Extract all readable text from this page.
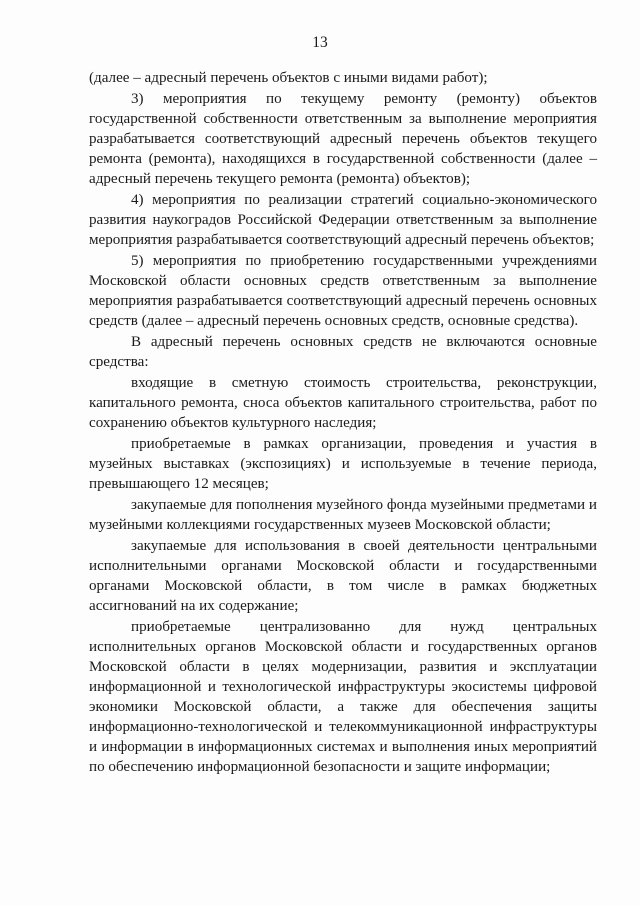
13

(далее – адресный перечень объектов с иными видами работ);

3) мероприятия по текущему ремонту (ремонту) объектов государственной собственности ответственным за выполнение мероприятия разрабатывается соответствующий адресный перечень объектов текущего ремонта (ремонта), находящихся в государственной собственности (далее – адресный перечень текущего ремонта (ремонта) объектов);

4) мероприятия по реализации стратегий социально-экономического развития наукоградов Российской Федерации ответственным за выполнение мероприятия разрабатывается соответствующий адресный перечень объектов;

5) мероприятия по приобретению государственными учреждениями Московской области основных средств ответственным за выполнение мероприятия разрабатывается соответствующий адресный перечень основных средств (далее – адресный перечень основных средств, основные средства).

В адресный перечень основных средств не включаются основные средства:

входящие в сметную стоимость строительства, реконструкции, капитального ремонта, сноса объектов капитального строительства, работ по сохранению объектов культурного наследия;

приобретаемые в рамках организации, проведения и участия в музейных выставках (экспозициях) и используемые в течение периода, превышающего 12 месяцев;

закупаемые для пополнения музейного фонда музейными предметами и музейными коллекциями государственных музеев Московской области;

закупаемые для использования в своей деятельности центральными исполнительными органами Московской области и государственными органами Московской области, в том числе в рамках бюджетных ассигнований на их содержание;

приобретаемые централизованно для нужд центральных исполнительных органов Московской области и государственных органов Московской области в целях модернизации, развития и эксплуатации информационной и технологической инфраструктуры экосистемы цифровой экономики Московской области, а также для обеспечения защиты информационно-технологической и телекоммуникационной инфраструктуры и информации в информационных системах и выполнения иных мероприятий по обеспечению информационной безопасности и защите информации;
